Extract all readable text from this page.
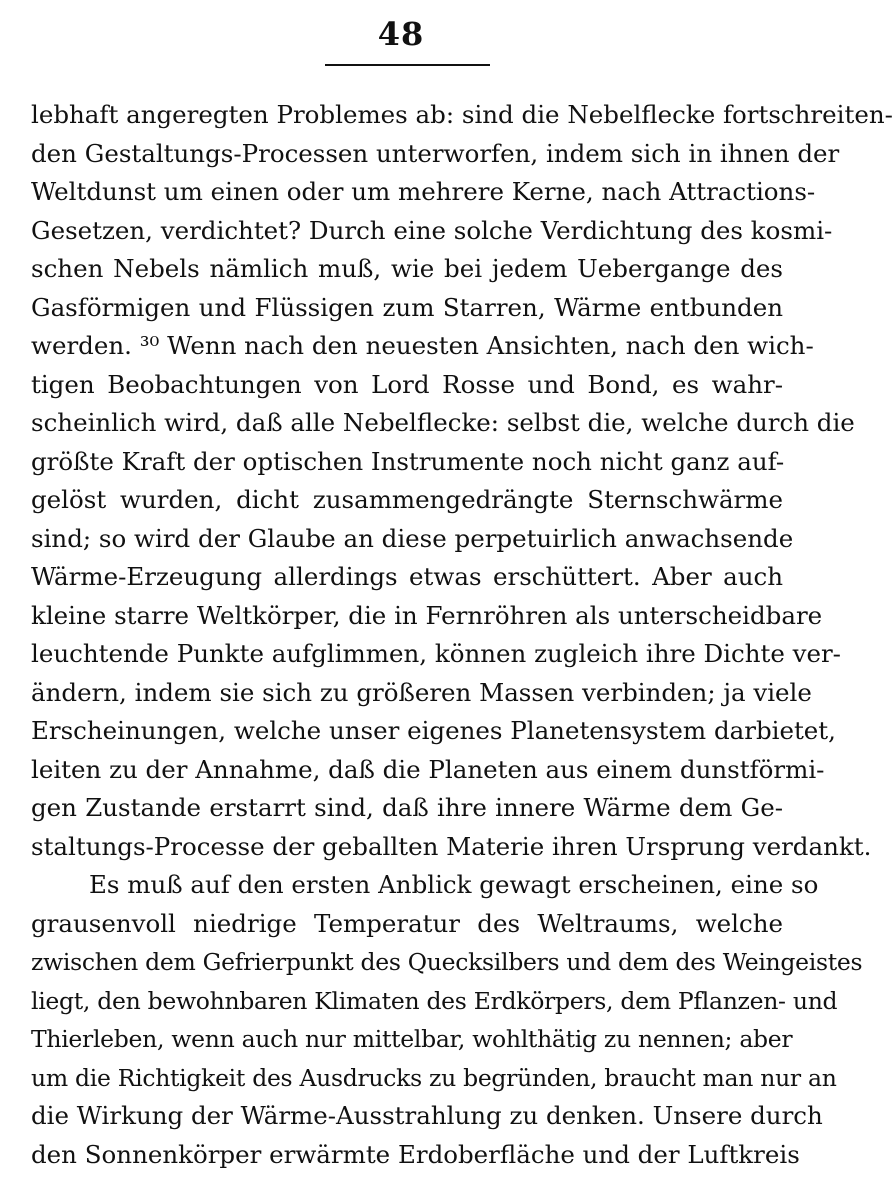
48
lebhaft angeregten Problemes ab: sind die Nebelflecke fortschreiten-
den Gestaltungs-Processen unterworfen, indem sich in ihnen der
Weltdunst um einen oder um mehrere Kerne, nach Attractions-
Gesetzen, verdichtet? Durch eine solche Verdichtung des kosmi-
schen Nebels nämlich muß, wie bei jedem Uebergange des
Gasförmigen und Flüssigen zum Starren, Wärme entbunden
werden. ³⁰ Wenn nach den neuesten Ansichten, nach den wich-
tigen Beobachtungen von Lord Rosse und Bond, es wahr-
scheinlich wird, daß alle Nebelflecke: selbst die, welche durch die
größte Kraft der optischen Instrumente noch nicht ganz auf-
gelöst wurden, dicht zusammengedrängte Sternschwärme
sind; so wird der Glaube an diese perpetuirlich anwachsende
Wärme-Erzeugung allerdings etwas erschüttert. Aber auch
kleine starre Weltkörper, die in Fernröhren als unterscheidbare
leuchtende Punkte aufglimmen, können zugleich ihre Dichte ver-
ändern, indem sie sich zu größeren Massen verbinden; ja viele
Erscheinungen, welche unser eigenes Planetensystem darbietet,
leiten zu der Annahme, daß die Planeten aus einem dunstförmi-
gen Zustande erstarrt sind, daß ihre innere Wärme dem Ge-
staltungs-Processe der geballten Materie ihren Ursprung verdankt.
Es muß auf den ersten Anblick gewagt erscheinen, eine so
grausenvoll niedrige Temperatur des Weltraums, welche
zwischen dem Gefrierpunkt des Quecksilbers und dem des Weingeistes
liegt, den bewohnbaren Klimaten des Erdkörpers, dem Pflanzen- und
Thierleben, wenn auch nur mittelbar, wohlthätig zu nennen; aber
um die Richtigkeit des Ausdrucks zu begründen, braucht man nur an
die Wirkung der Wärme-Ausstrahlung zu denken. Unsere durch
den Sonnenkörper erwärmte Erdoberfläche und der Luftkreis
